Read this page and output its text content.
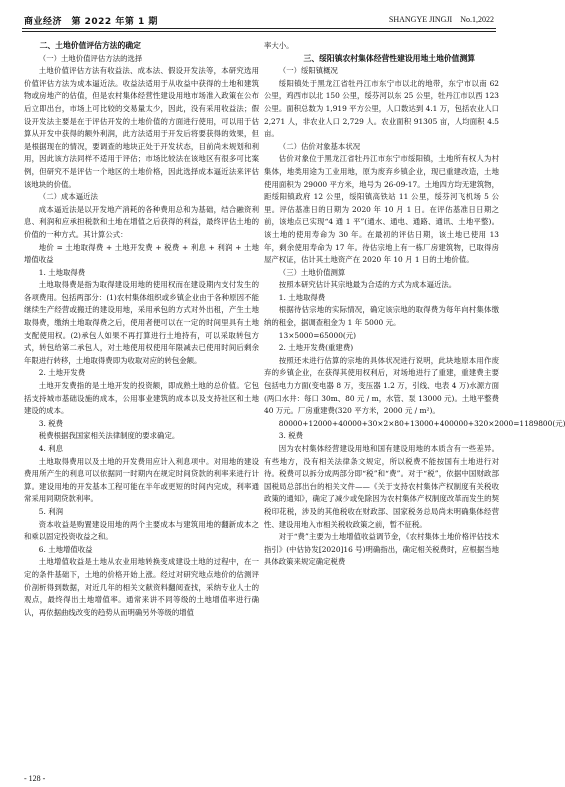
商业经济　第 2022 年第 1 期	SHANGYE JINGJI　No.1,2022

二、土地价值评估方法的确定

（一）土地价值评估方法的选择

土地价值评估方法有收益法、成本法、假设开发法等，本研究选用价值评估方法为成本逼近法。收益法适用于从收益中获得的土地和建筑物或房地产的估值，但是农村集体经营性建设用地市场准入政策在公布后立即出台，市场上可比较的交易量太少，因此，没有采用收益法；假设开发法主要是在于评估开发的土地价值的方面进行使用，可以用于估算从开发中获得的额外利润，此方法适用于开发后将要获得的效果，但是根据现在的情况，要调查的地块正处于开发状态，目前尚未规划和利用，因此该方法同样不适用于评估；市场比较法在该地区有很多可比案例，但研究不是评估一个地区的土地价格，因此选择成本逼近法来评估该地块的价值。

（二）成本逼近法

成本逼近法是以开发地产消耗的各种费用总和为基础，结合融资利息、利润和应承担税款和土地在增值之后获得的利益，最终评估土地的价值的一种方式。其计算公式：

地价 = 土地取得费 + 土地开发费 + 税费 + 利息 + 利润 + 土地增值收益

1. 土地取得费

土地取得费是指为取得建设用地的使用权而在建设期内支付发生的各项费用。包括两部分：(1)农村集体组织或乡镇企业由于各种原因不能继续生产经营或搬迁的建设用地，采用承包的方式对外出租，产生土地取得费，缴纳土地取得费之后，使用者便可以在一定的时间里具有土地支配使用权。(2)承包人如果不再打算进行土地持有，可以采取转包方式，转包给第二承包人，对土地使用权使用年限减去已使用时间后剩余年限进行转移，土地取得费即为收取对应的转包金额。

2. 土地开发费

土地开发费指的是土地开发的投资额，即成熟土地的总价值。它包括支持城市基础设施的成本，公用事业建筑的成本以及支持社区和土地建设的成本。

3. 税费

税费根据我国家相关法律制度的要求确定。

4. 利息

土地取得费用以及土地的开发费用应计入利息项中。对用地的建设费用所产生的利息可以依据同一时期内在规定时间贷款的利率来进行计算。建设用地的开发基本工程可能在半年或更短的时间内完成，利率通常采用同期贷款利率。

5. 利润

资本收益是购置建设用地的两个主要成本与建筑用地的翻新成本之和乘以固定投资收益之和。

6. 土地增值收益

土地增值收益是土地从农业用地转换变成建设土地的过程中，在一定的条件基础下，土地的价格开始上涨。经过对研究地点地价的估测评价剖析得到数据，对近几年的相关文献资料翻阅查找，采纳专业人士的观点，最终得出土地增值率。通常来讲不同等级的土地增值率进行确认，再依据曲线改变的趋势从而明确另外等级的增值

率大小。

三、绥阳镇农村集体经营性建设用地土地价值测算

（一）绥阳镇概况

绥阳镇处于黑龙江省牡丹江市东宁市以北的地带，东宁市以南 62 公里，鸡西市以北 150 公里，绥芬河以东 25 公里，牡丹江市以西 123 公里。面积总数为 1,919 平方公里，人口数达到 4.1 万，包括农业人口 2,271 人，非农业人口 2,729 人。农业面积 91305 亩，人均面积 4.5 亩。

（二）估价对象基本状况

估价对象位于黑龙江省牡丹江市东宁市绥阳镇，土地所有权人为村集体，地类用途为工业用地，原为废弃乡镇企业，现已重建改造，土地使用面积为 29000 平方米，地号为 26-09-17。土地四方均无建筑物，距绥阳镇政府 12 公里，绥阳镇高铁站 11 公里，绥芬河飞机场 5 公里。评估基准日的日期为 2020 年 10 月 1 日。在评估基准日日期之前，该地点已实现“4 通 1 平”(通水、通电、通路、通讯、土地平整)。该土地的使用寿命为 30 年。在最初的评估日期，该土地已使用 13 年，剩余使用寿命为 17 年。待估宗地上有一栋厂房建筑物，已取得房屋产权证，估计其土地资产在 2020 年 10 月 1 日的土地价值。

（三）土地价值测算

按照本研究估计其宗地最为合适的方式为成本逼近法。

1. 土地取得费

根据待估宗地的实际情况，确定该宗地的取得费为每年向村集体缴纳的租金，据调查租金为 1 年 5000 元。

13×5000=65000(元)

2. 土地开发费(重建费)

按照还未进行估算的宗地的具体状况进行说明，此块地原本用作废弃的乡镇企业，在获得其使用权利后，对场地进行了重建，重建费主要包括电力方面(变电器 8 万，变压器 1.2 万，引线、电表 4 万)水源方面(两口水井：每口 30m、80 元 / m，水管、泵 13000 元)。土地平整费 40 万元。厂房重建费(320 平方米，2000 元 / m²)。

80000+12000+40000+30×2×80+13000+400000+320×2000=1189800(元)

3. 税费

因为农村集体经营建设用地和国有建设用地的本质含有一些差异。有些地方，没有相关法律条文规定，所以税费不能按国有土地进行对待。税费可以拆分成两部分即“税”和“费”。对于“税”，依据中国财政部国税局总部出台的相关文件——《关于支持农村集体产权制度有关税收政策的通知》，确定了减少或免除因为农村集体产权制度改革而发生的契税印花税，涉及的其他税收在财政部、国家税务总局尚未明确集体经营性、建设用地入市相关税收政策之前，暂不征税。

对于“费”主要为土地增值收益调节金，《农村集体土地价格评估技术指引》(中估协发[2020]16 号)明确指出，确定相关税费时，应根据当地具体政策来规定确定税费

- 128 -
